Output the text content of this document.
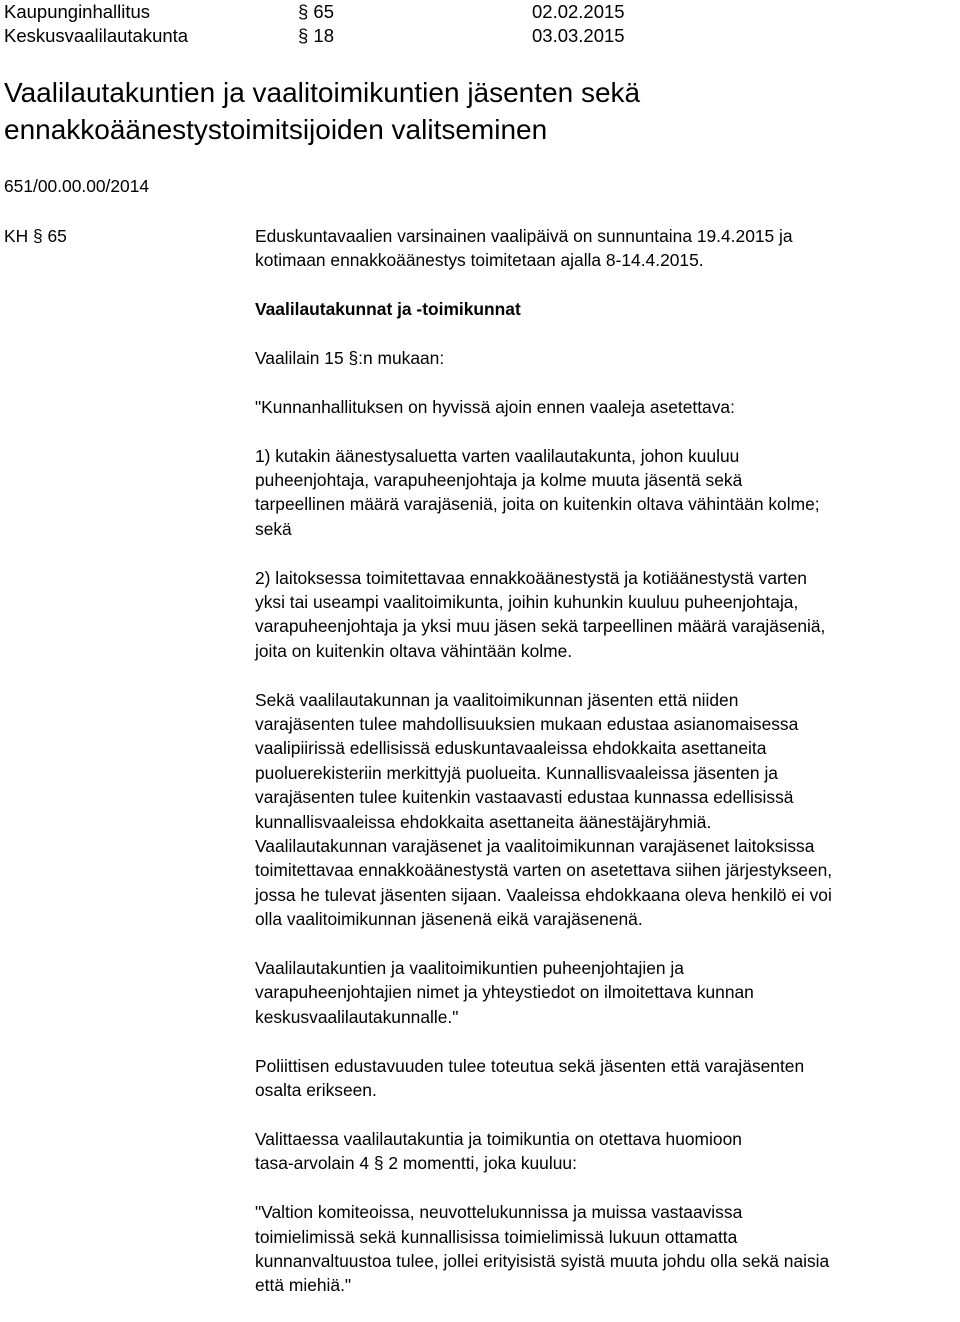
Kaupunginhallitus	§ 65	02.02.2015
Keskusvaalilautakunta	§ 18	03.03.2015
Vaalilautakuntien ja vaalitoimikuntien jäsenten sekä
ennakkoäänestystoimitsijoiden valitseminen
651/00.00.00/2014
KH § 65	Eduskuntavaalien varsinainen vaalipäivä on sunnuntaina 19.4.2015 ja
kotimaan ennakkoäänestys toimitetaan ajalla 8-14.4.2015.

Vaalilautakunnat ja -toimikunnat

Vaalilain 15 §:n mukaan:

"Kunnanhallituksen on hyvissä ajoin ennen vaaleja asetettava:

1) kutakin äänestysaluetta varten vaalilautakunta, johon kuuluu
puheenjohtaja, varapuheenjohtaja ja kolme muuta jäsentä sekä
tarpeellinen määrä varajäseniä, joita on kuitenkin oltava vähintään kolme;
sekä

2) laitoksessa toimitettavaa ennakkoäänestystä ja kotiäänestystä varten
yksi tai useampi vaalitoimikunta, joihin kuhunkin kuuluu puheenjohtaja,
varapuheenjohtaja ja yksi muu jäsen sekä tarpeellinen määrä varajäseniä,
joita on kuitenkin oltava vähintään kolme.

Sekä vaalilautakunnan ja vaalitoimikunnan jäsenten että niiden
varajäsenten tulee mahdollisuuksien mukaan edustaa asianomaisessa
vaalipiirissä edellisissä eduskuntavaaleissa ehdokkaita asettaneita
puoluerekisteriin merkittyjä puolueita. Kunnallisvaaleissa jäsenten ja
varajäsenten tulee kuitenkin vastaavasti edustaa kunnassa edellisissä
kunnallisvaaleissa ehdokkaita asettaneita äänestäjäryhmiä.
Vaalilautakunnan varajäsenet ja vaalitoimikunnan varajäsenet laitoksissa
toimitettavaa ennakkoäänestystä varten on asetettava siihen järjestykseen,
jossa he tulevat jäsenten sijaan. Vaaleissa ehdokkaana oleva henkilö ei voi
olla vaalitoimikunnan jäsenenä eikä varajäsenenä.

Vaalilautakuntien ja vaalitoimikuntien puheenjohtajien ja
varapuheenjohtajien nimet ja yhteystiedot on ilmoitettava kunnan
keskusvaalilautakunnalle."

Poliittisen edustavuuden tulee toteutua sekä jäsenten että varajäsenten
osalta erikseen.

Valittaessa vaalilautakuntia ja toimikuntia on otettava huomioon
tasa-arvolain 4 § 2 momentti, joka kuuluu:

"Valtion komiteoissa, neuvottelukunnissa ja muissa vastaavissa
toimielimissä sekä kunnallisissa toimielimissä lukuun ottamatta
kunnanvaltuustoa tulee, jollei erityisistä syistä muuta johdu olla sekä naisia
että miehiä."
